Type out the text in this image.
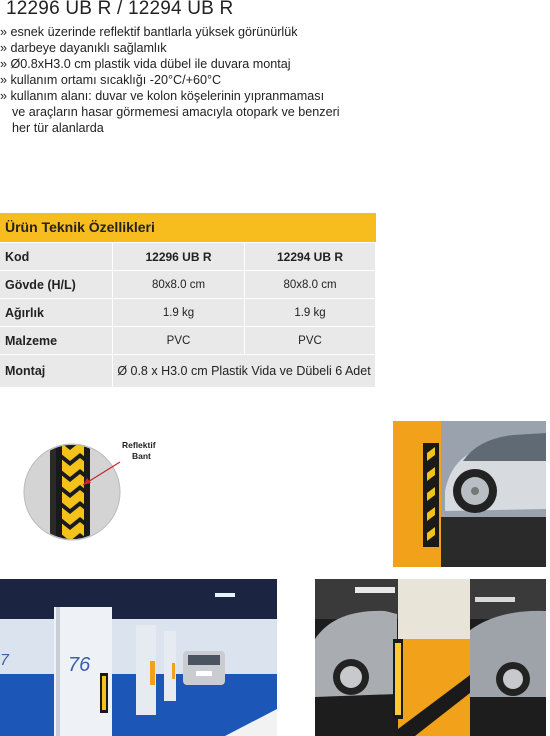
12296 UB R / 12294 UB R
» esnek üzerinde reflektif bantlarla yüksek görünürlük
» darbeye dayanıklı sağlamlık
» Ø0.8xH3.0 cm plastik vida dübel ile duvara montaj
» kullanım ortamı sıcaklığı -20°C/+60°C
» kullanım alanı: duvar ve kolon köşelerinin yıpranmaması
ve araçların hasar görmemesi amacıyla otopark ve benzeri
her tür alanlarda
Ürün Teknik Özellikleri
Kod	12296 UB R	12294 UB R
Gövde (H/L)	80x8.0 cm	80x8.0 cm
Ağırlık	1.9 kg	1.9 kg
Malzeme	PVC	PVC
Montaj	Ø 0.8 x H3.0 cm Plastik Vida ve Dübeli 6 Adet
Reflektif
Bant
76
7
